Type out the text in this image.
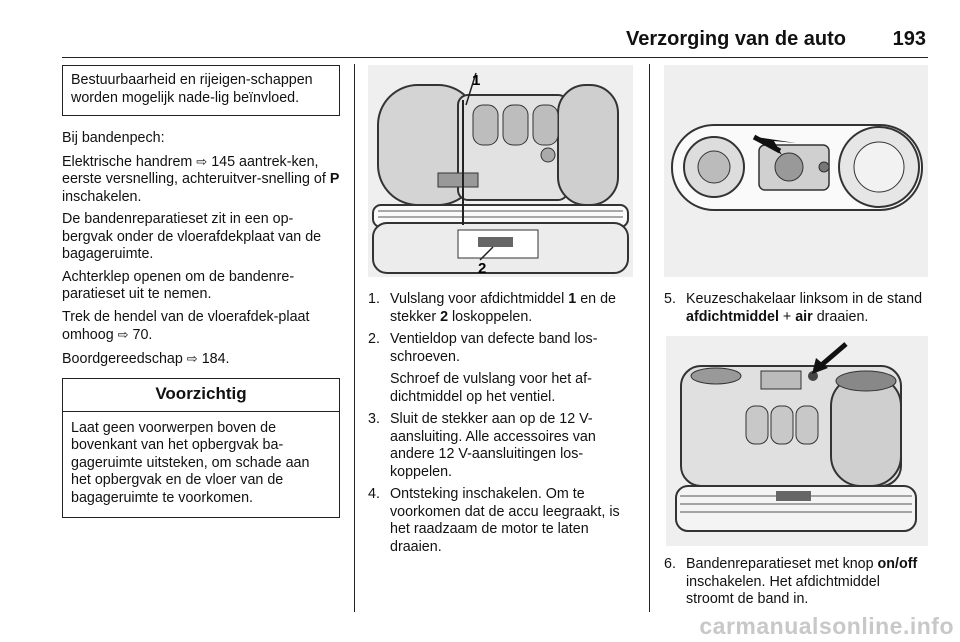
Verzorging van de auto 193

Bestuurbaarheid en rijeigen-schappen worden mogelijk nade-lig beïnvloed.

Bij bandenpech:

Elektrische handrem ⇨ 145 aantrek-ken, eerste versnelling, achteruitver-snelling of P inschakelen.

De bandenreparatieset zit in een op-bergvak onder de vloerafdekplaat van de bagageruimte.

Achterklep openen om de bandenre-paratieset uit te nemen.

Trek de hendel van de vloerafdek-plaat omhoog ⇨ 70.

Boordgereedschap ⇨ 184.

Voorzichtig
Laat geen voorwerpen boven de bovenkant van het opbergvak ba-gageruimte uitsteken, om schade aan het opbergvak en de vloer van de bagageruimte te voorkomen.
1
2
1. Vulslang voor afdichtmiddel 1 en de stekker 2 loskoppelen.
2. Ventieldop van defecte band los-schroeven.
Schroef de vulslang voor het af-dichtmiddel op het ventiel.
3. Sluit de stekker aan op de 12 V-aansluiting. Alle accessoires van andere 12 V-aansluitingen los-koppelen.
4. Ontsteking inschakelen. Om te voorkomen dat de accu leegraakt, is het raadzaam de motor te laten draaien.
5. Keuzeschakelaar linksom in de stand afdichtmiddel + air draaien.
6. Bandenreparatieset met knop on/off inschakelen. Het afdichtmiddel stroomt de band in.
carmanualsonline.info
